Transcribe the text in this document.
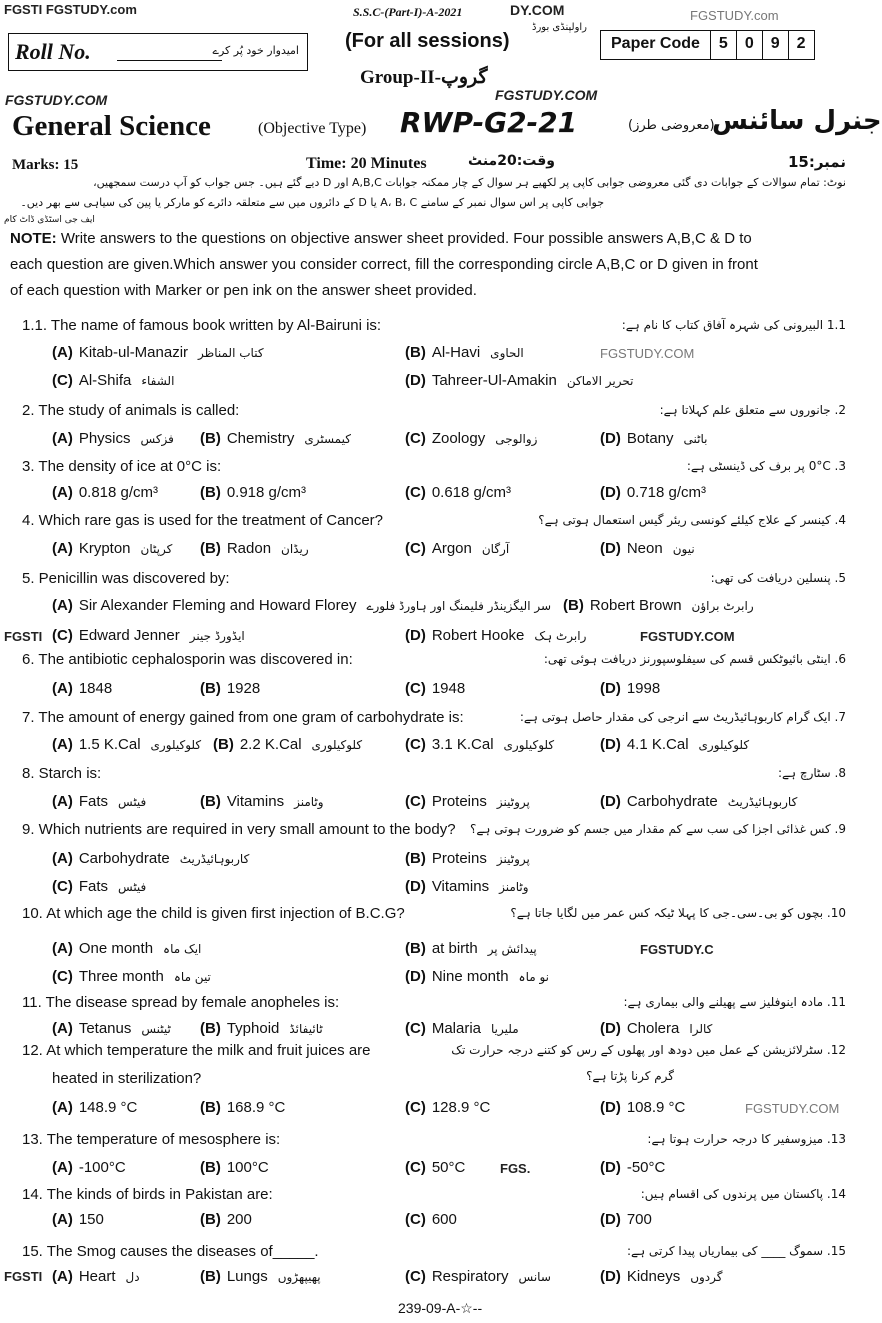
FGSTI FGSTUDY.com	S.S.C-(Part-I)-A-2021	DY.COM	FGSTUDY.com
Roll No.	امیدوار خود پُر کرے (For all sessions)
راولپنڈی بورڈ
Paper Code	5	0	9	2
Group-II-گروپ
FGSTUDY.COM	FGSTUDY.COM
General Science	(Objective Type) RWP-G2-21	(معروضی طرز)
جنرل سائنس
Marks: 15	Time: 20 Minutes	وقت:20منٹ	نمبر:15
ایف جی اسٹڈی ڈاٹ کام
نوٹ: تمام سوالات کے جوابات دی گئی معروضی جوابی کاپی پر لکھیے ہر سوال کے چار ممکنہ جوابات A,B,C اور D دیے گئے ہیں۔ جس جواب کو آپ درست سمجھیں،
جوابی کاپی پر اس سوال نمبر کے سامنے A، B، C یا D کے دائروں میں سے متعلقہ دائرے کو مارکر یا پین کی سیاہی سے بھر دیں۔
NOTE: Write answers to the questions on objective answer sheet provided. Four possible answers A,B,C & D to
each question are given.Which answer you consider correct, fill the corresponding circle A,B,C or D given in front
of each question with Marker or pen ink on the answer sheet provided.
FGSTUDY.COM
FGSTI	FGSTUDY.COM
FGSTUDY.C
FGS.
FGSTI
FGSTUDY.COM
1.1. The name of famous book written by Al-Bairuni is:	1.1 البیرونی کی شہرہ آفاق کتاب کا نام ہے:
(A) Kitab-ul-Manazir کتاب المناظر	(B) Al-Havi الحاوی
(C) Al-Shifa الشفاء	(D) Tahreer-Ul-Amakin تحریر الاماکن
2. The study of animals is called:	2. جانوروں سے متعلق علم کہلاتا ہے:
(A) Physics فزکس (B) Chemistry کیمسٹری	(C) Zoology زوالوجی	(D) Botany باٹنی
3. The density of ice at 0°C is:	3. 0°C پر برف کی ڈینسٹی ہے:
(A) 0.818 g/cm³	(B) 0.918 g/cm³	(C) 0.618 g/cm³	(D) 0.718 g/cm³
4. Which rare gas is used for the treatment of Cancer?	4. کینسر کے علاج کیلئے کونسی ریئر گیس استعمال ہوتی ہے؟
(A) Krypton کرپٹان (B) Radon ریڈان	(C) Argon آرگان	(D) Neon نیون
5. Penicillin was discovered by:	5. پنسلین دریافت کی تھی:
(A) Sir Alexander Fleming and Howard Florey سر الیگزینڈر فلیمنگ اور ہاورڈ فلورے (B) Robert Brown رابرٹ براؤن
(C) Edward Jenner ایڈورڈ جینر	(D) Robert Hooke رابرٹ ہک
6. The antibiotic cephalosporin was discovered in:	6. اینٹی بائیوٹکس قسم کی سیفلوسپورنز دریافت ہوئی تھی:
(A) 1848	(B) 1928	(C) 1948	(D) 1998
7. The amount of energy gained from one gram of carbohydrate is:	7. ایک گرام کاربوہائیڈریٹ سے انرجی کی مقدار حاصل ہوتی ہے:
(A) 1.5 K.Cal کلوکیلوری (B) 2.2 K.Cal کلوکیلوری	(C) 3.1 K.Cal کلوکیلوری	(D) 4.1 K.Cal کلوکیلوری
8. Starch is:	8. سٹارچ ہے:
(A) Fats فیٹس	(B) Vitamins وٹامنز	(C) Proteins پروٹینز	(D) Carbohydrate کاربوہائیڈریٹ
9. Which nutrients are required in very small amount to the body? 9. کس غذائی اجزا کی سب سے کم مقدار میں جسم کو ضرورت ہوتی ہے؟
(A) Carbohydrate کاربوہائیڈریٹ	(B) Proteins پروٹینز
(C) Fats فیٹس	(D) Vitamins وٹامنز
10. At which age the child is given first injection of B.C.G?	10. بچوں کو بی۔سی۔جی کا پہلا ٹیکہ کس عمر میں لگایا جاتا ہے؟
(A) One month ایک ماہ	(B) at birth پیدائش پر
(C) Three month تین ماہ	(D) Nine month نو ماہ
11. The disease spread by female anopheles is:	11. مادہ اینوفلیز سے پھیلنے والی بیماری ہے:
(A) Tetanus ٹیٹنس (B) Typhoid ٹائیفائڈ	(C) Malaria ملیریا	(D) Cholera کالرا
12. At which temperature the milk and fruit juices are	12. سٹرلائزیشن کے عمل میں دودھ اور پھلوں کے رس کو کتنے درجہ حرارت تک
heated in sterilization?	گرم کرنا پڑتا ہے؟
(A) 148.9 °C	(B) 168.9 °C	(C) 128.9 °C	(D) 108.9 °C
13. The temperature of mesosphere is:	13. میزوسفیر کا درجہ حرارت ہوتا ہے:
(A) -100°C	(B) 100°C	(C) 50°C	(D) -50°C
14. The kinds of birds in Pakistan are:	14. پاکستان میں پرندوں کی اقسام ہیں:
(A) 150	(B) 200	(C) 600	(D) 700
15. The Smog causes the diseases of_____.	15. سموگ ____ کی بیماریاں پیدا کرتی ہے:
(A) Heart دل	(B) Lungs پھیپھڑوں	(C) Respiratory سانس	(D) Kidneys گردوں
239-09-A-☆--
